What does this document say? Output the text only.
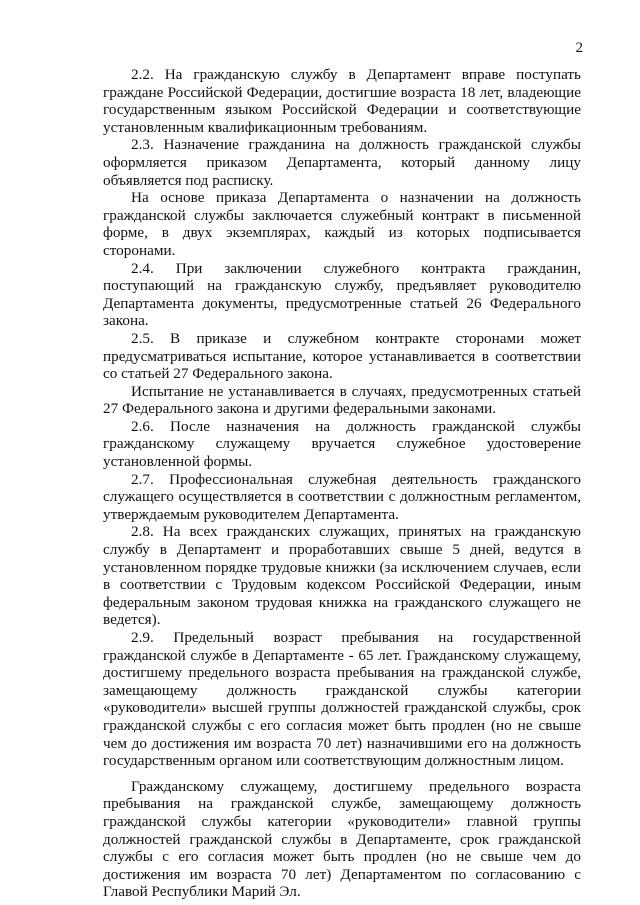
2

2.2. На гражданскую службу в Департамент вправе поступать граждане Российской Федерации, достигшие возраста 18 лет, владеющие государственным языком Российской Федерации и соответствующие установленным квалификационным требованиям.

2.3. Назначение гражданина на должность гражданской службы оформляется приказом Департамента, который данному лицу объявляется под расписку.

На основе приказа Департамента о назначении на должность гражданской службы заключается служебный контракт в письменной форме, в двух экземплярах, каждый из которых подписывается сторонами.

2.4. При заключении служебного контракта гражданин, поступающий на гражданскую службу, предъявляет руководителю Департамента документы, предусмотренные статьей 26 Федерального закона.

2.5. В приказе и служебном контракте сторонами может предусматриваться испытание, которое устанавливается в соответствии со статьей 27 Федерального закона.

Испытание не устанавливается в случаях, предусмотренных статьей 27 Федерального закона и другими федеральными законами.

2.6. После назначения на должность гражданской службы гражданскому служащему вручается служебное удостоверение установленной формы.

2.7. Профессиональная служебная деятельность гражданского служащего осуществляется в соответствии с должностным регламентом, утверждаемым руководителем Департамента.

2.8. На всех гражданских служащих, принятых на гражданскую службу в Департамент и проработавших свыше 5 дней, ведутся в установленном порядке трудовые книжки (за исключением случаев, если в соответствии с Трудовым кодексом Российской Федерации, иным федеральным законом трудовая книжка на гражданского служащего не ведется).

2.9. Предельный возраст пребывания на государственной гражданской службе в Департаменте - 65 лет. Гражданскому служащему, достигшему предельного возраста пребывания на гражданской службе, замещающему должность гражданской службы категории «руководители» высшей группы должностей гражданской службы, срок гражданской службы с его согласия может быть продлен (но не свыше чем до достижения им возраста 70 лет) назначившими его на должность государственным органом или соответствующим должностным лицом.

Гражданскому служащему, достигшему предельного возраста пребывания на гражданской службе, замещающему должность гражданской службы категории «руководители» главной группы должностей гражданской службы в Департаменте, срок гражданской службы с его согласия может быть продлен (но не свыше чем до достижения им возраста 70 лет) Департаментом по согласованию с Главой Республики Марий Эл.
